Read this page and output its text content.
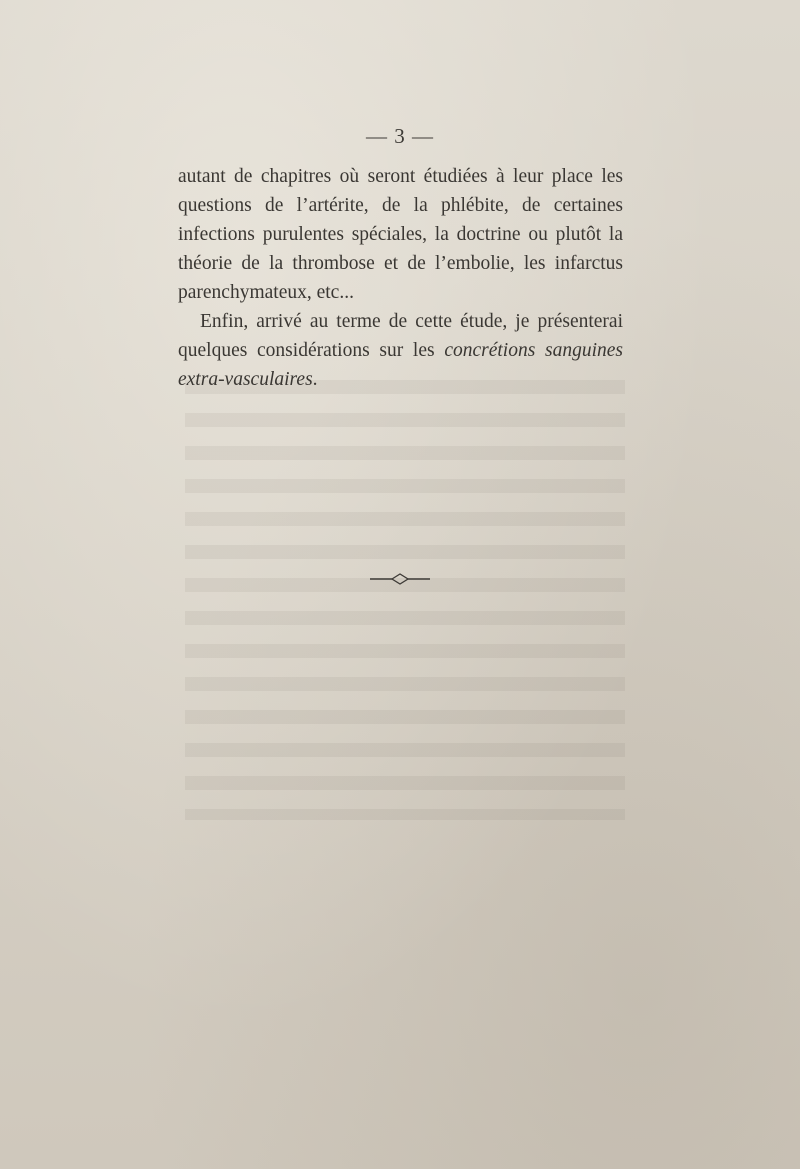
— 3 —

autant de chapitres où seront étudiées à leur place les questions de l’artérite, de la phlébite, de certaines infections purulentes spéciales, la doctrine ou plutôt la théorie de la thrombose et de l’embolie, les infarctus parenchymateux, etc...

Enfin, arrivé au terme de cette étude, je présenterai quelques considérations sur les concrétions sanguines extra-vasculaires.
